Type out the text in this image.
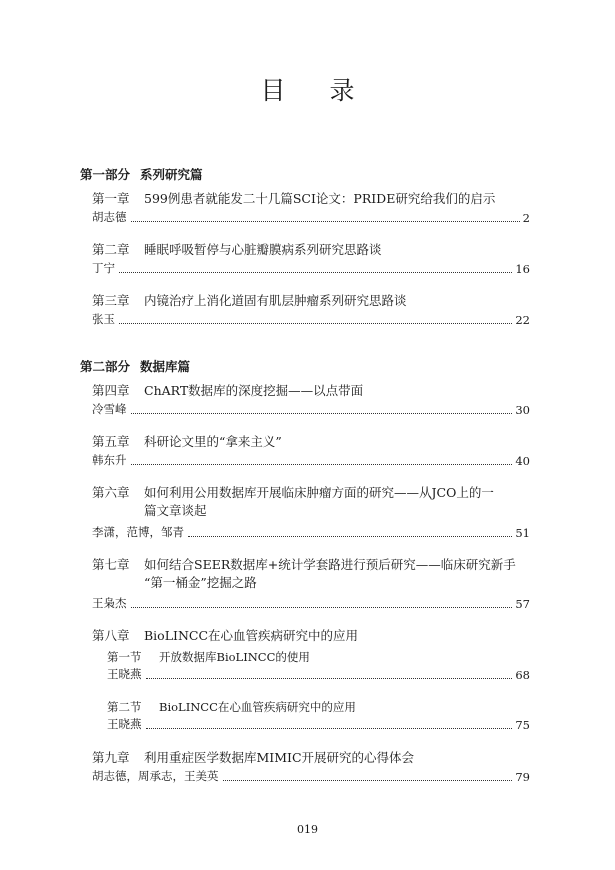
目 录
第一部分 系列研究篇
第一章 599例患者就能发二十几篇SCI论文：PRIDE研究给我们的启示
胡志德	2
第二章 睡眠呼吸暂停与心脏瓣膜病系列研究思路谈
丁宁	16
第三章 内镜治疗上消化道固有肌层肿瘤系列研究思路谈
张玉	22
第二部分 数据库篇
第四章 ChART数据库的深度挖掘——以点带面
冷雪峰	30
第五章 科研论文里的“拿来主义”
韩东升	40
第六章 如何利用公用数据库开展临床肿瘤方面的研究——从JCO上的一
篇文章谈起
李潇，范博，邹青	51
第七章 如何结合SEER数据库+统计学套路进行预后研究——临床研究新手
“第一桶金”挖掘之路
王枭杰	57
第八章 BioLINCC在心血管疾病研究中的应用
第一节 开放数据库BioLINCC的使用
王晓燕	68
第二节 BioLINCC在心血管疾病研究中的应用
王晓燕	75
第九章 利用重症医学数据库MIMIC开展研究的心得体会
胡志德，周承志，王美英	79
019
